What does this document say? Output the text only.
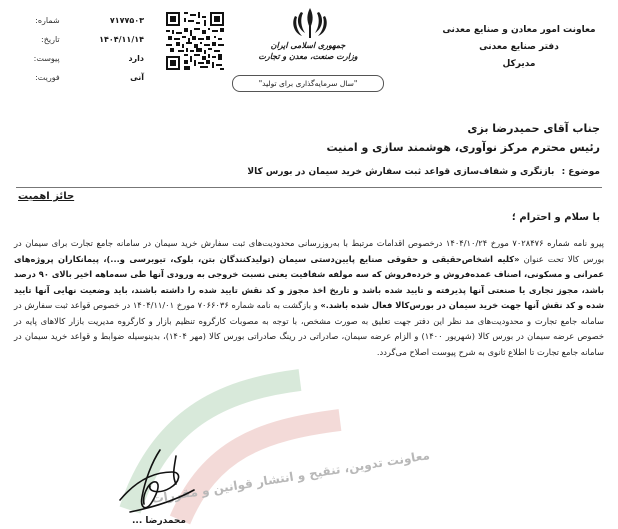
معاونت امور معادن و صنایع معدنی
دفتر صنایع معدنی
مدیرکل
جمهوری اسلامی ایران
وزارت صنعت، معدن و تجارت
"سال سرمایه‌گذاری برای تولید"
شماره:	۷۱۷۷۵۰۳
تاریخ:	۱۴۰۴/۱۱/۱۴
پیوست:	دارد
فوریت:	آنی
جناب آقای حمیدرضا بزی
رئیس محترم مرکز نوآوری، هوشمند سازی و امنیت
موضوع : بازنگری و شفاف‌سازی قواعد ثبت سفارش خرید سیمان در بورس کالا
حائز اهمیت
با سلام و احترام ؛
معاونت تدوین، تنقیح و انتشار قوانین و مقررات
پیرو نامه شماره ۷۰۲۸۴۷۶ مورخ ۱۴۰۴/۱۰/۲۴ درخصوص اقدامات مرتبط با به‌روزرسانی محدودیت‌های ثبت سفارش خرید سیمان در سامانه جامع تجارت برای سیمان در بورس کالا تحت عنوان «کلیه اشخاص‌حقیقی و حقوقی صنایع پایین‌دستی سیمان (تولیدکنندگان بتن، بلوک، تیوبرسی و...)، پیمانکاران پروژه‌های عمرانی و مسکونی، اصناف عمده‌فروش و خرده‌فروش که سه مولفه شفافیت یعنی نسبت خروجی به ورودی آنها طی سه‌ماهه اخیر بالای ۹۰ درصد باشد، مجوز تجاری یا صنعتی آنها پذیرفته و تایید شده باشد و تاریخ اخذ مجوز و کد نقش تایید شده را داشته باشند، باید وضعیت نهایی آنها تایید شده و کد نقش آنها جهت خرید سیمان در بورس‌کالا فعال شده باشد.» و بازگشت به نامه شماره ۷۰۶۶۰۳۶ مورخ ۱۴۰۴/۱۱/۰۱ در خصوص قواعد ثبت سفارش در سامانه جامع تجارت و محدودیت‌های مد نظر این دفتر جهت تعلیق به صورت مشخص، با توجه به مصوبات کارگروه تنظیم بازار و کارگروه مدیریت بازار کالاهای پایه در خصوص عرضه سیمان در بورس کالا (شهریور ۱۴۰۰) و الزام عرضه سیمان، صادراتی در رینگ صادراتی بورس کالا (مهر ۱۴۰۴)، بدینوسیله ضوابط و قواعد خرید سیمان در سامانه جامع تجارت تا اطلاع ثانوی به شرح پیوست اصلاح می‌گردد.
محمدرضا ...
